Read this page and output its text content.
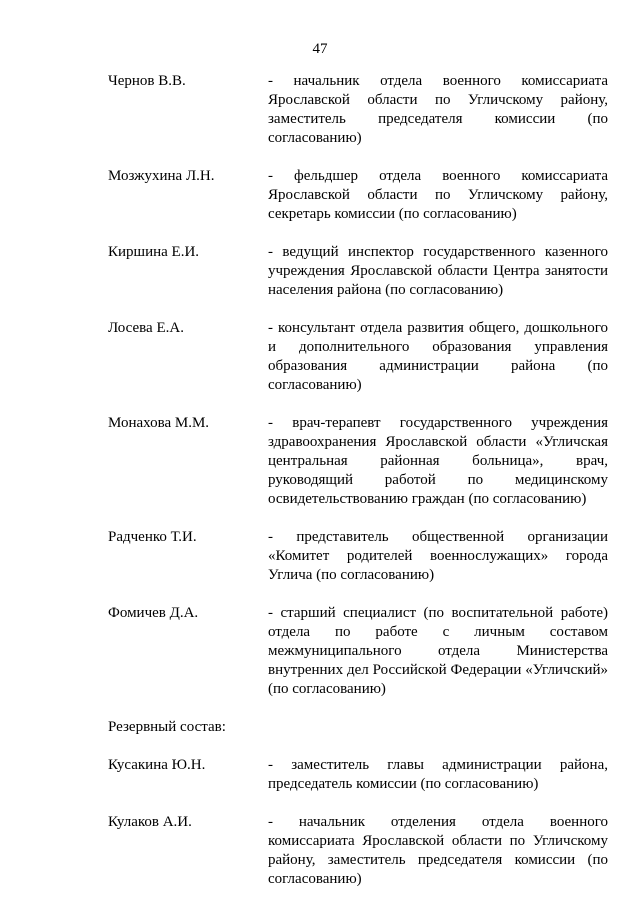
47
Чернов В.В.	- начальник отдела военного комиссариата Ярославской области по Угличскому району, заместитель председателя комиссии (по согласованию)
Мозжухина Л.Н.	- фельдшер отдела военного комиссариата Ярославской области по Угличскому району, секретарь комиссии (по согласованию)
Киршина Е.И.	- ведущий инспектор государственного казенного учреждения Ярославской области Центра занятости населения района (по согласованию)
Лосева Е.А.	- консультант отдела развития общего, дошкольного и дополнительного образования управления образования администрации района (по согласованию)
Монахова М.М.	- врач-терапевт государственного учреждения здравоохранения Ярославской области «Угличская центральная районная больница», врач, руководящий работой по медицинскому освидетельствованию граждан (по согласованию)
Радченко Т.И.	- представитель общественной организации «Комитет родителей военнослужащих» города Углича (по согласованию)
Фомичев Д.А.	- старший специалист (по воспитательной работе) отдела по работе с личным составом межмуниципального отдела Министерства внутренних дел Российской Федерации «Угличский» (по согласованию)
Резервный состав:
Кусакина Ю.Н.	- заместитель главы администрации района, председатель комиссии (по согласованию)
Кулаков А.И.	- начальник отделения отдела военного комиссариата Ярославской области по Угличскому району, заместитель председателя комиссии (по согласованию)
